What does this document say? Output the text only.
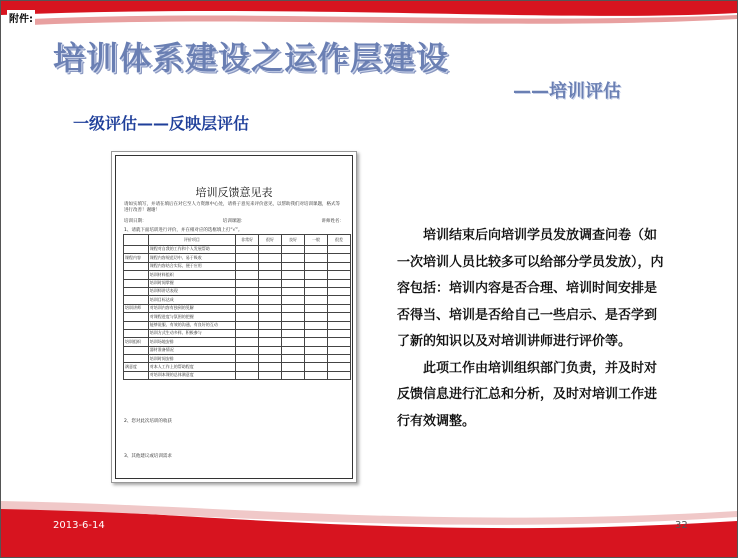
附件:
培训体系建设之运作层建设
——培训评估
一级评估——反映层评估
培训反馈意见表
请如实填写，并请在填后在对它至人力资源中心处，请将子意见来评价意见，以帮助我们对培训课题，格式等进行改善！谢谢！
培训日期：	培训课题：	讲师姓名：
1、请就下面培训进行评价，并在相对应的选框填上打“√”。
	评价项目	非常好	很好	良好	一般	很差
	课程对自我的工作和个人发展帮助					
课程内容	课程内容规范切中、易于吸收					
	课程内容结合实际、便于应用					
	培训材料组织					
	培训时间掌握					
	培训师讲话表现					
	培训目标达成					
培训讲师	对培训内容有独到的见解					
	对课程进度与氛围的把握					
	能够说服、有效的沟通，有良好的互动					
	培训方式生动多样、积极参与					
培训组织	培训场地安排					
	器材准备情况					
	培训时间安排					
满意度	对本人工作上的帮助程度					
	对培训本课的总体满意度					
2、您对此次培训的收获
3、其他建议或培训需求

培训结束后向培训学员发放调查问卷（如一次培训人员比较多可以给部分学员发放），内容包括：培训内容是否合理、培训时间安排是否得当、培训是否给自己一些启示、是否学到了新的知识以及对培训讲师进行评价等。

此项工作由培训组织部门负责，并及时对反馈信息进行汇总和分析，及时对培训工作进行有效调整。

2013-6-14	32
